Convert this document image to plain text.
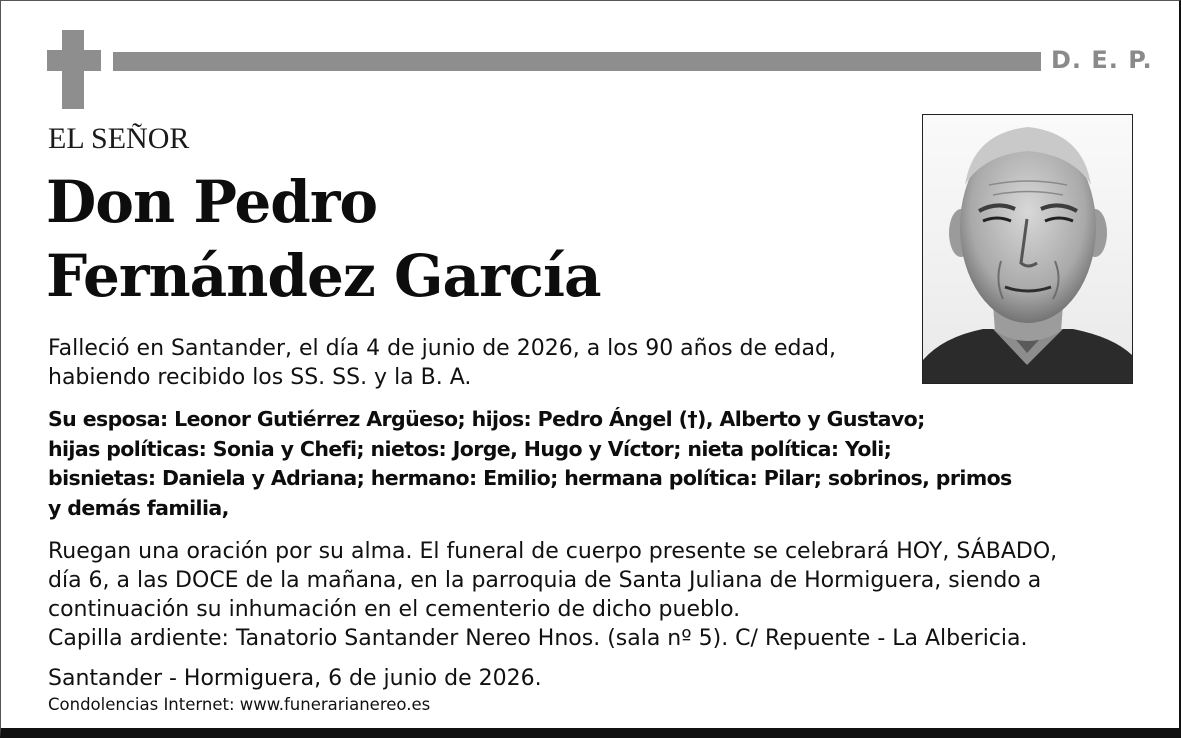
D. E. P.
EL SEÑOR
Don Pedro
Fernández García
Falleció en Santander, el día 4 de junio de 2026, a los 90 años de edad,
habiendo recibido los SS. SS. y la B. A.
Su esposa: Leonor Gutiérrez Argüeso; hijos: Pedro Ángel (†), Alberto y Gustavo;
hijas políticas: Sonia y Chefi; nietos: Jorge, Hugo y Víctor; nieta política: Yoli;
bisnietas: Daniela y Adriana; hermano: Emilio; hermana política: Pilar; sobrinos, primos
y demás familia,
Ruegan una oración por su alma. El funeral de cuerpo presente se celebrará HOY, SÁBADO,
día 6, a las DOCE de la mañana, en la parroquia de Santa Juliana de Hormiguera, siendo a
continuación su inhumación en el cementerio de dicho pueblo.
Capilla ardiente: Tanatorio Santander Nereo Hnos. (sala nº 5). C/ Repuente - La Albericia.
Santander - Hormiguera, 6 de junio de 2026.
Condolencias Internet: www.funerarianereo.es
